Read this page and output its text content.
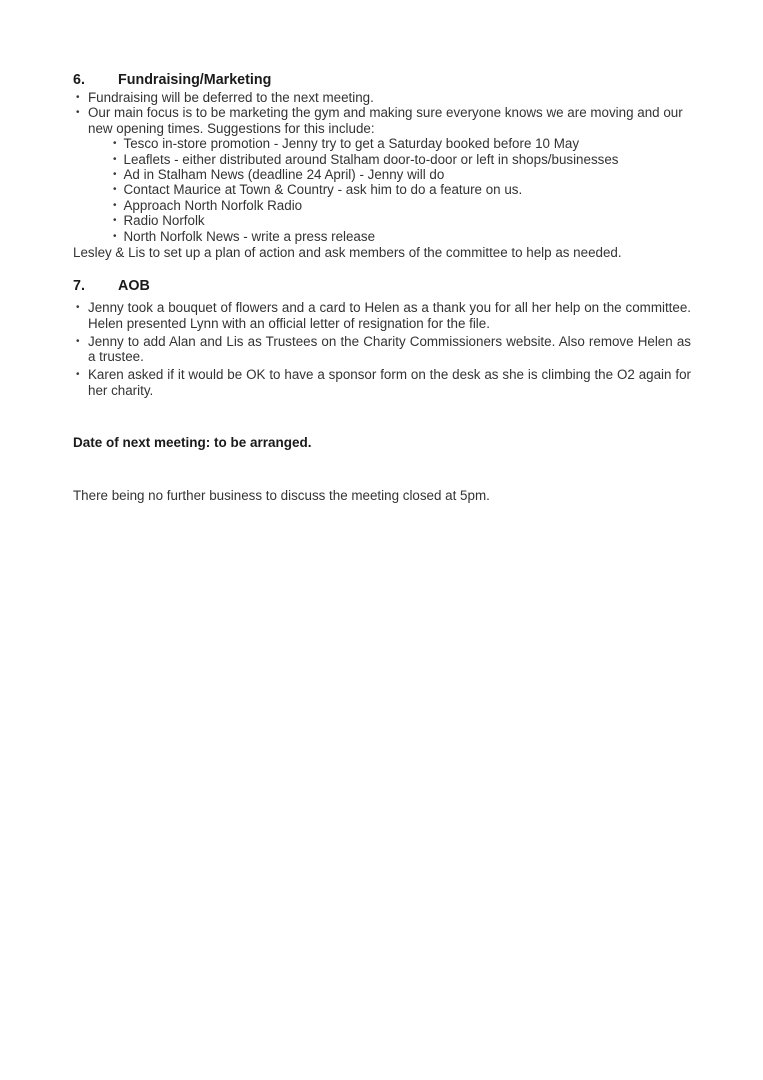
6.	Fundraising/Marketing
• Fundraising will be deferred to the next meeting.
• Our main focus is to be marketing the gym and making sure everyone knows we are moving and our new opening times. Suggestions for this include:
• Tesco in-store promotion - Jenny try to get a Saturday booked before 10 May
• Leaflets - either distributed around Stalham door-to-door or left in shops/businesses
• Ad in Stalham News (deadline 24 April) - Jenny will do
• Contact Maurice at Town & Country - ask him to do a feature on us.
• Approach North Norfolk Radio
• Radio Norfolk
• North Norfolk News - write a press release

Lesley & Lis to set up a plan of action and ask members of the committee to help as needed.

7.	AOB
• Jenny took a bouquet of flowers and a card to Helen as a thank you for all her help on the committee. Helen presented Lynn with an official letter of resignation for the file.
• Jenny to add Alan and Lis as Trustees on the Charity Commissioners website. Also remove Helen as a trustee.
• Karen asked if it would be OK to have a sponsor form on the desk as she is climbing the O2 again for her charity.

Date of next meeting: to be arranged.

There being no further business to discuss the meeting closed at 5pm.
